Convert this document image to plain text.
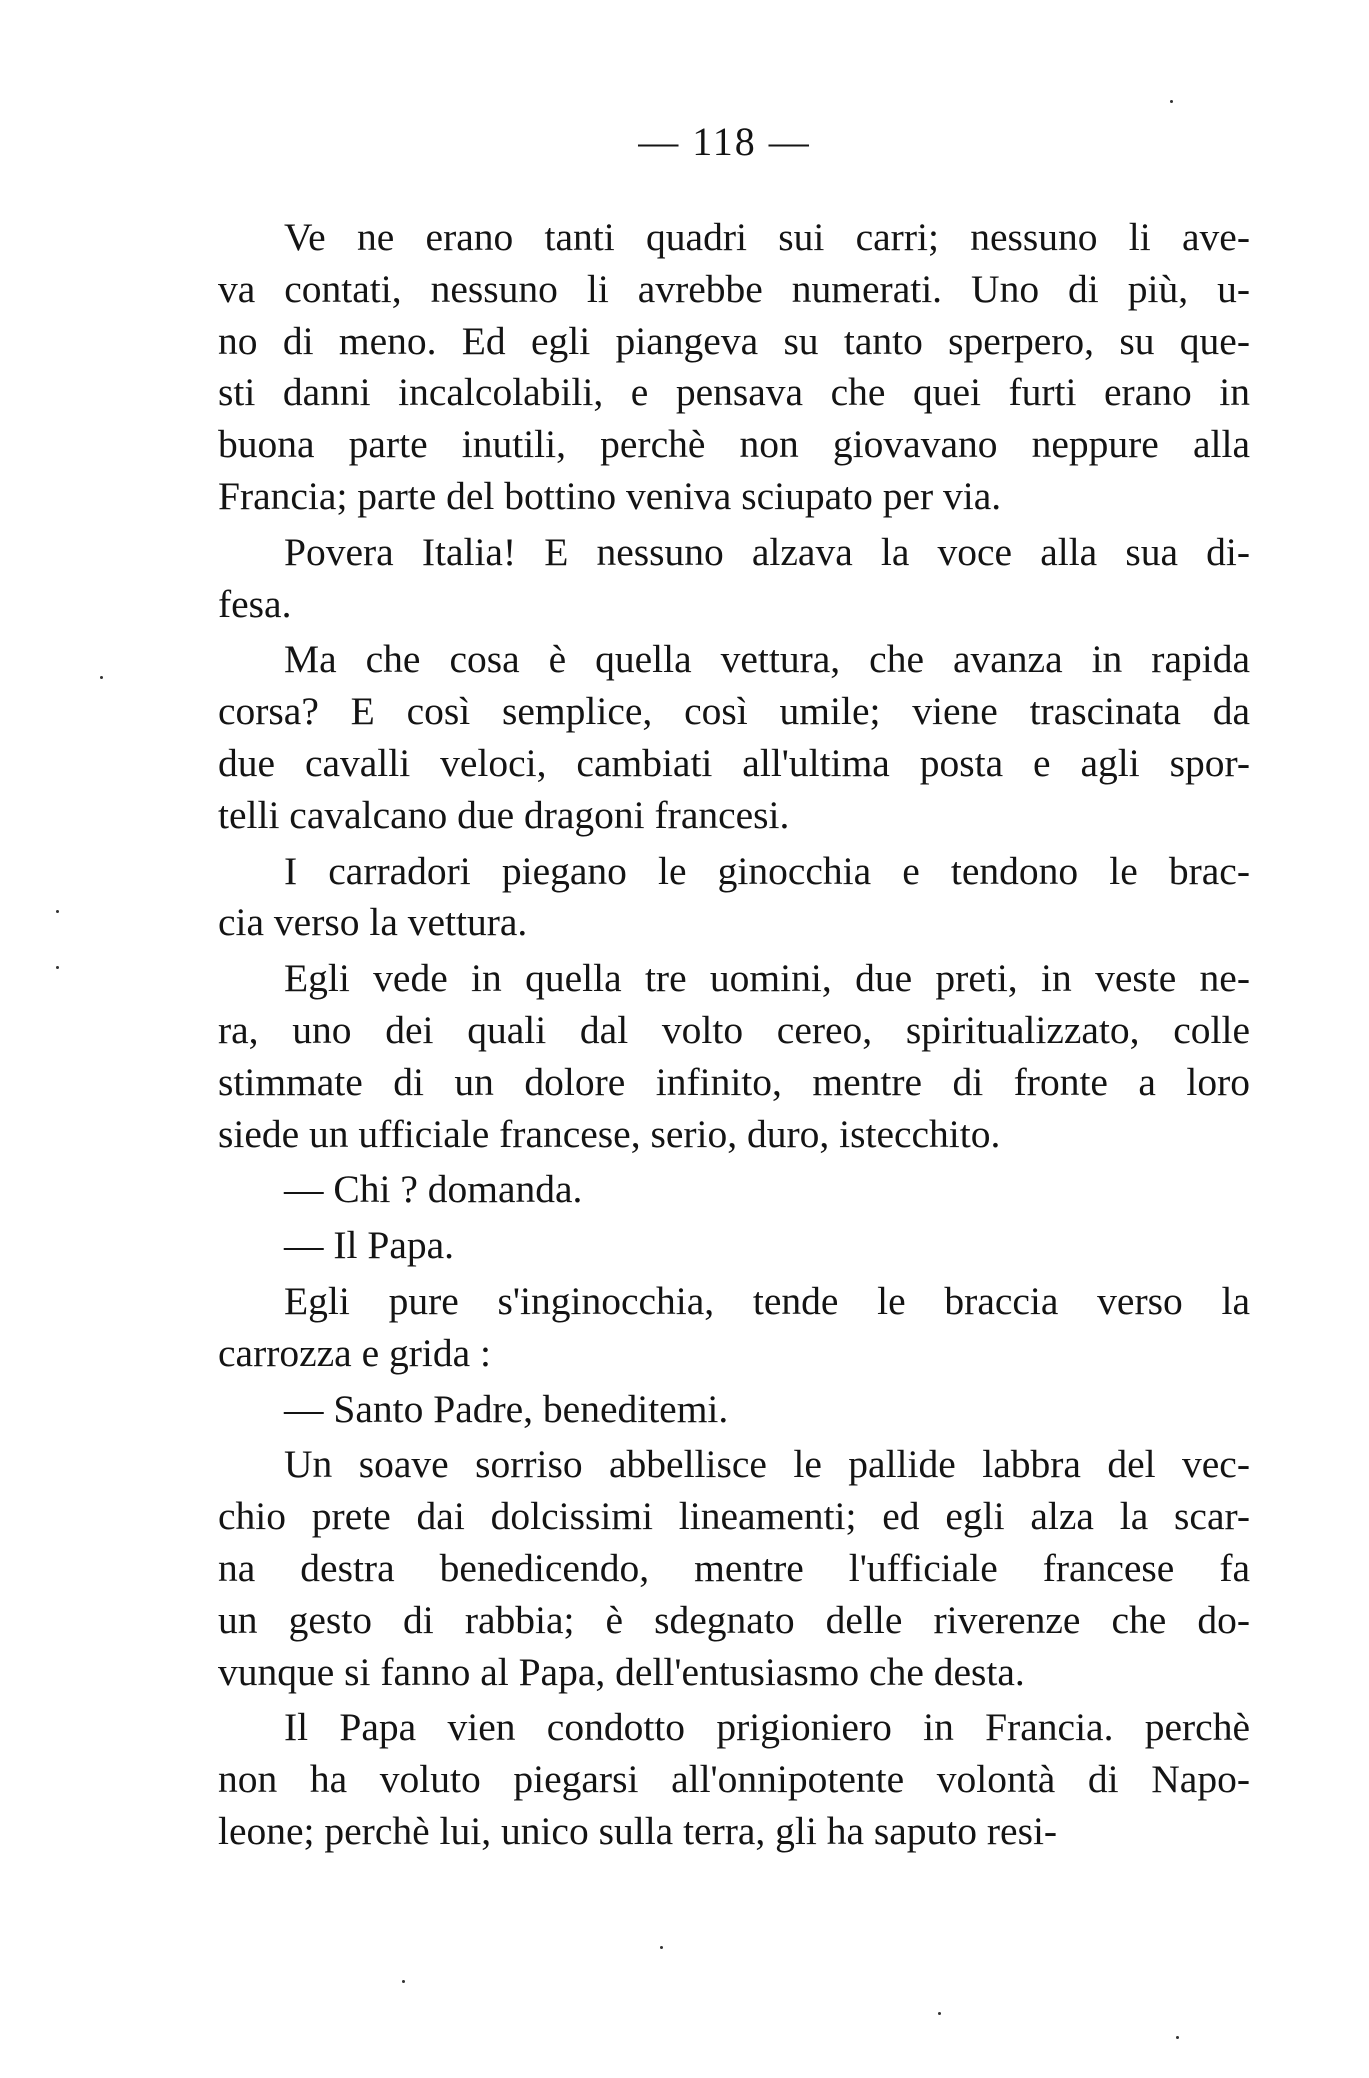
— 118 —
Ve ne erano tanti quadri sui carri; nessuno li ave-
va contati, nessuno li avrebbe numerati. Uno di più, u-
no di meno. Ed egli piangeva su tanto sperpero, su que-
sti danni incalcolabili, e pensava che quei furti erano in
buona parte inutili, perchè non giovavano neppure alla
Francia; parte del bottino veniva sciupato per via.
Povera Italia! E nessuno alzava la voce alla sua di-
fesa.
Ma che cosa è quella vettura, che avanza in rapida
corsa? E così semplice, così umile; viene trascinata da
due cavalli veloci, cambiati all'ultima posta e agli spor-
telli cavalcano due dragoni francesi.
I carradori piegano le ginocchia e tendono le brac-
cia verso la vettura.
Egli vede in quella tre uomini, due preti, in veste ne-
ra, uno dei quali dal volto cereo, spiritualizzato, colle
stimmate di un dolore infinito, mentre di fronte a loro
siede un ufficiale francese, serio, duro, istecchito.
— Chi ? domanda.
— Il Papa.
Egli pure s'inginocchia, tende le braccia verso la
carrozza e grida :
— Santo Padre, beneditemi.
Un soave sorriso abbellisce le pallide labbra del vec-
chio prete dai dolcissimi lineamenti; ed egli alza la scar-
na destra benedicendo, mentre l'ufficiale francese fa
un gesto di rabbia; è sdegnato delle riverenze che do-
vunque si fanno al Papa, dell'entusiasmo che desta.
Il Papa vien condotto prigioniero in Francia. perchè
non ha voluto piegarsi all'onnipotente volontà di Napo-
leone; perchè lui, unico sulla terra, gli ha saputo resi-
